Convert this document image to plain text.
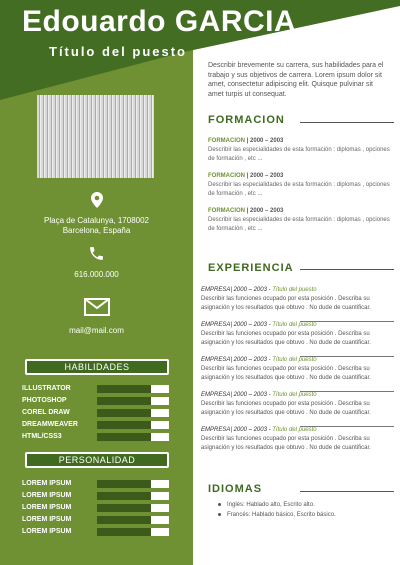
Edouardo GARCIA
Título del puesto
Plaça de Catalunya, 1708002
Barcelona, España
616.000.000
mail@mail.com
HABILIDADES
ILLUSTRATOR
PHOTOSHOP
COREL DRAW
DREAMWEAVER
HTML/CSS3
PERSONALIDAD
LOREM IPSUM
LOREM IPSUM
LOREM IPSUM
LOREM IPSUM
LOREM IPSUM
Describir brevemente su carrera, sus habilidades para el trabajo y sus objetivos de carrera. Lorem ipsum dolor sit amet, consectetur adipiscing elit. Quisque pulvinar sit amet turpis ut consequat.
FORMACION
FORMACION | 2000 – 2003
Describir las especialidades de esta formación : diplomas , opciones de formación , etc ...
FORMACION | 2000 – 2003
Describir las especialidades de esta formación : diplomas , opciones de formación , etc ...
FORMACION | 2000 – 2003
Describir las especialidades de esta formación : diplomas , opciones de formación , etc ...
EXPERIENCIA
EMPRESA| 2000 – 2003 - Título del puesto
Describir las funciones ocupado por esta posición . Describa su asignación y los resultados que obtuvo . No dude de cuantificar.
EMPRESA| 2000 – 2003 - Título del puesto
Describir las funciones ocupado por esta posición . Describa su asignación y los resultados que obtuvo . No dude de cuantificar.
EMPRESA| 2000 – 2003 - Título del puesto
Describir las funciones ocupado por esta posición . Describa su asignación y los resultados que obtuvo . No dude de cuantificar.
EMPRESA| 2000 – 2003 - Título del puesto
Describir las funciones ocupado por esta posición . Describa su asignación y los resultados que obtuvo . No dude de cuantificar.
EMPRESA| 2000 – 2003 - Título del puesto
Describir las funciones ocupado por esta posición . Describa su asignación y los resultados que obtuvo . No dude de cuantificar.
IDIOMAS
Inglés: Hablado alto, Escrito alto.
Francés: Hablado básico, Escrito básico.
